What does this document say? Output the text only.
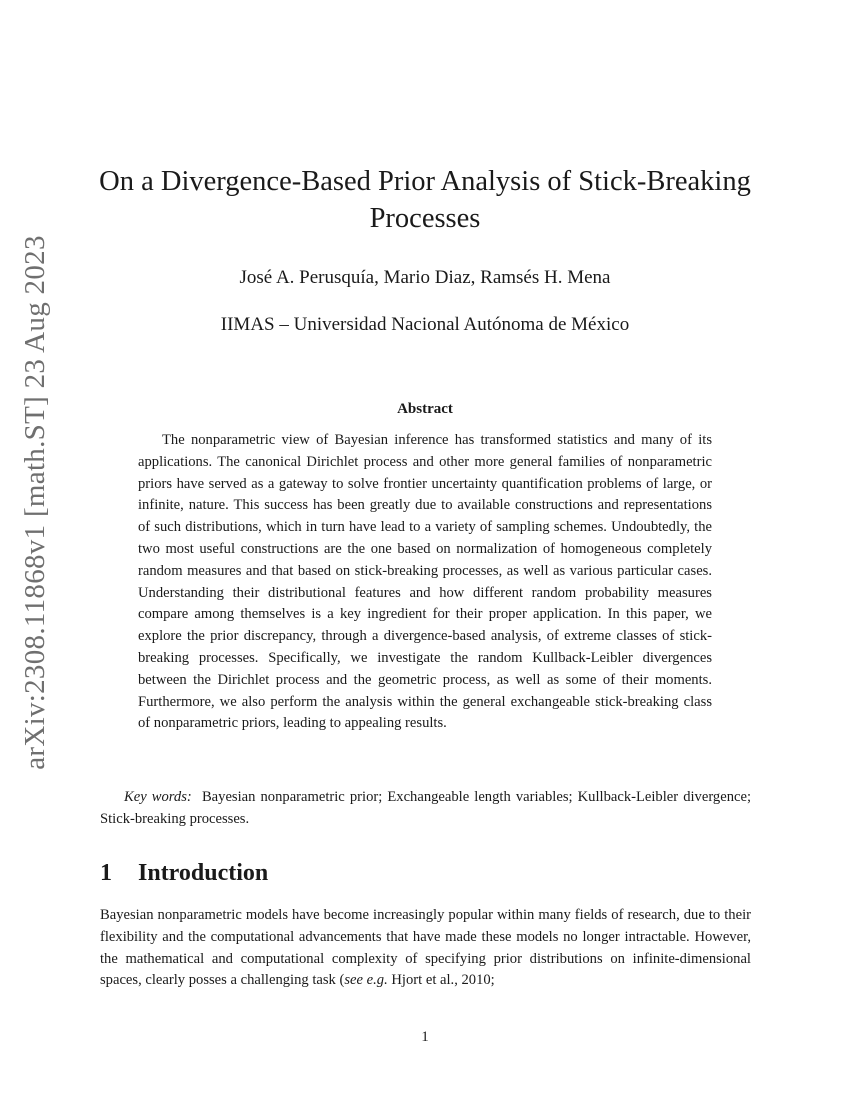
arXiv:2308.11868v1 [math.ST] 23 Aug 2023
On a Divergence-Based Prior Analysis of Stick-Breaking Processes

José A. Perusquía, Mario Diaz, Ramsés H. Mena

IIMAS – Universidad Nacional Autónoma de México

Abstract

The nonparametric view of Bayesian inference has transformed statistics and many of its applications. The canonical Dirichlet process and other more general families of nonparametric priors have served as a gateway to solve frontier uncertainty quantification problems of large, or infinite, nature. This success has been greatly due to available constructions and representations of such distributions, which in turn have lead to a variety of sampling schemes. Undoubtedly, the two most useful constructions are the one based on normalization of homogeneous completely random measures and that based on stick-breaking processes, as well as various particular cases. Understanding their distributional features and how different random probability measures compare among themselves is a key ingredient for their proper application. In this paper, we explore the prior discrepancy, through a divergence-based analysis, of extreme classes of stick-breaking processes. Specifically, we investigate the random Kullback-Leibler divergences between the Dirichlet process and the geometric process, as well as some of their moments. Furthermore, we also perform the analysis within the general exchangeable stick-breaking class of nonparametric priors, leading to appealing results.

Key words: Bayesian nonparametric prior; Exchangeable length variables; Kullback-Leibler divergence; Stick-breaking processes.

1 Introduction

Bayesian nonparametric models have become increasingly popular within many fields of research, due to their flexibility and the computational advancements that have made these models no longer intractable. However, the mathematical and computational complexity of specifying prior distributions on infinite-dimensional spaces, clearly posses a challenging task (see e.g. Hjort et al., 2010;

1
